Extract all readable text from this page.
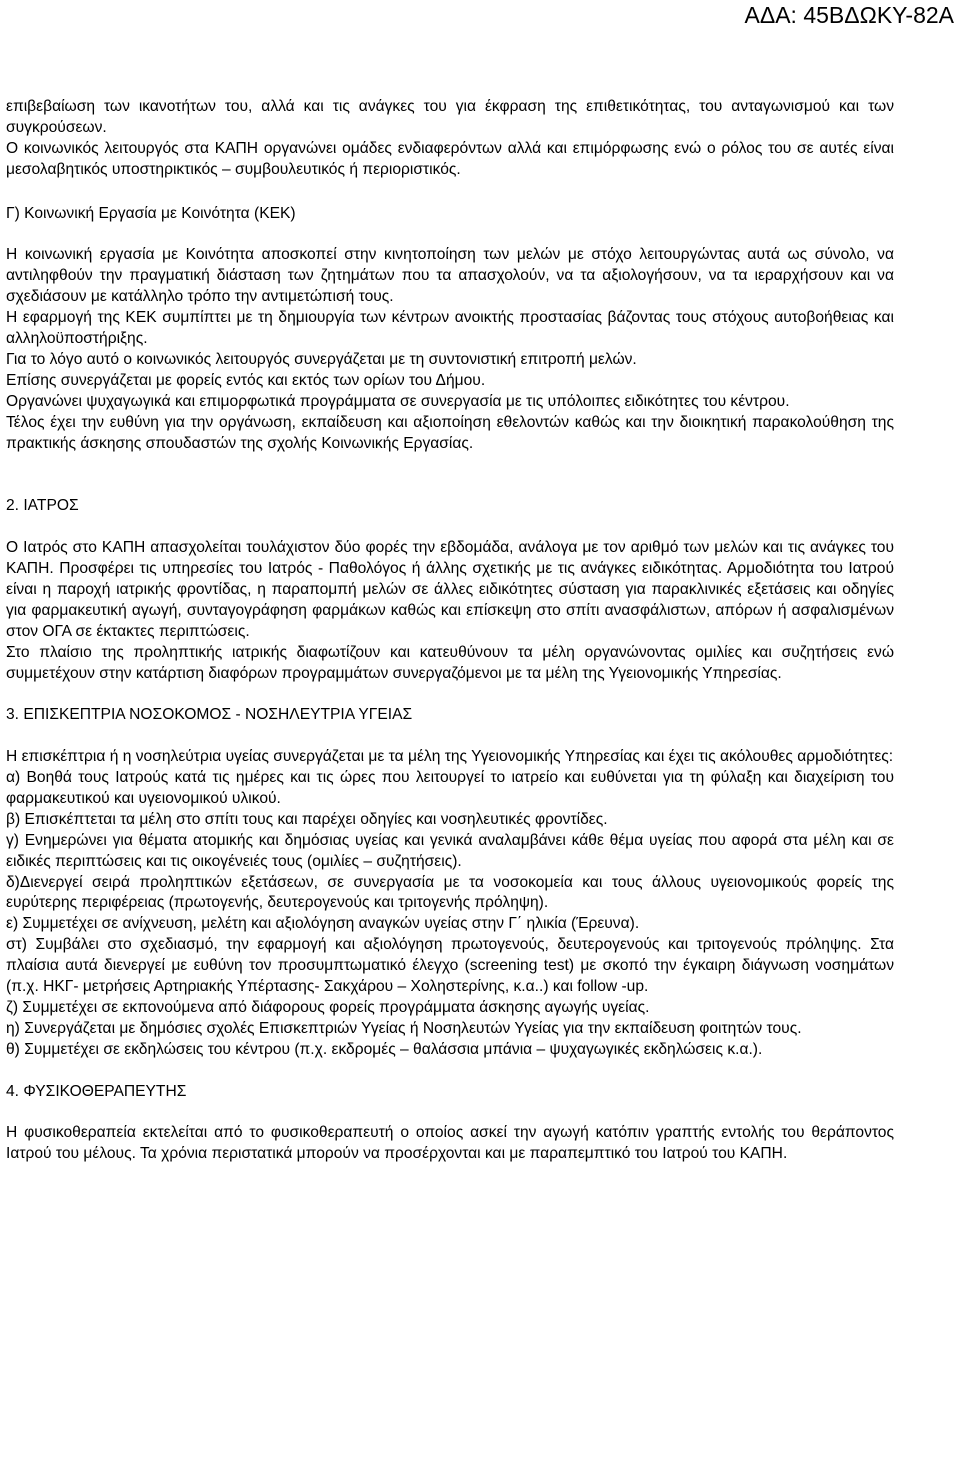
ΑΔΑ: 45ΒΔΩΚΥ-82Α

επιβεβαίωση των ικανοτήτων του, αλλά και τις ανάγκες του για έκφραση της επιθετικότητας, του ανταγωνισμού και των συγκρούσεων.

Ο κοινωνικός λειτουργός στα ΚΑΠΗ οργανώνει ομάδες ενδιαφερόντων αλλά και επιμόρφωσης ενώ ο ρόλος του σε αυτές είναι μεσολαβητικός υποστηρικτικός – συμβουλευτικός ή περιοριστικός.

Γ) Κοινωνική Εργασία με Κοινότητα (ΚΕΚ)

Η κοινωνική εργασία με Κοινότητα αποσκοπεί στην κινητοποίηση των μελών με στόχο λειτουργώντας αυτά ως σύνολο, να αντιληφθούν την πραγματική διάσταση των ζητημάτων που τα απασχολούν, να τα αξιολογήσουν, να τα ιεραρχήσουν και να σχεδιάσουν με κατάλληλο τρόπο την αντιμετώπισή τους.

Η εφαρμογή της ΚΕΚ συμπίπτει με τη δημιουργία των κέντρων ανοικτής προστασίας βάζοντας τους στόχους αυτοβοήθειας και αλληλοϋποστήριξης.

Για το λόγο αυτό ο κοινωνικός λειτουργός συνεργάζεται με τη συντονιστική επιτροπή μελών.

Επίσης συνεργάζεται με φορείς εντός και εκτός των ορίων του Δήμου.

Οργανώνει ψυχαγωγικά και επιμορφωτικά προγράμματα σε συνεργασία με τις υπόλοιπες ειδικότητες του κέντρου.

Τέλος έχει την ευθύνη για την οργάνωση, εκπαίδευση και αξιοποίηση εθελοντών καθώς και την διοικητική παρακολούθηση της πρακτικής άσκησης σπουδαστών της σχολής Κοινωνικής Εργασίας.

2. ΙΑΤΡΟΣ

Ο Ιατρός στο ΚΑΠΗ απασχολείται τουλάχιστον δύο φορές την εβδομάδα, ανάλογα με τον αριθμό των μελών και τις ανάγκες του ΚΑΠΗ. Προσφέρει τις υπηρεσίες του Ιατρός - Παθολόγος ή άλλης σχετικής με τις ανάγκες ειδικότητας. Αρμοδιότητα του Ιατρού είναι η παροχή ιατρικής φροντίδας, η παραπομπή μελών σε άλλες ειδικότητες σύσταση για παρακλινικές εξετάσεις και οδηγίες για φαρμακευτική αγωγή, συνταγογράφηση φαρμάκων καθώς και επίσκεψη στο σπίτι ανασφάλιστων, απόρων ή ασφαλισμένων στον ΟΓΑ σε έκτακτες περιπτώσεις.

Στο πλαίσιο της προληπτικής ιατρικής διαφωτίζουν και κατευθύνουν τα μέλη οργανώνοντας ομιλίες και συζητήσεις ενώ συμμετέχουν στην κατάρτιση διαφόρων προγραμμάτων συνεργαζόμενοι με τα μέλη της Υγειονομικής Υπηρεσίας.

3. ΕΠΙΣΚΕΠΤΡΙΑ ΝΟΣΟΚΟΜΟΣ - ΝΟΣΗΛΕΥΤΡΙΑ ΥΓΕΙΑΣ

Η επισκέπτρια ή η νοσηλεύτρια υγείας συνεργάζεται με τα μέλη της Υγειονομικής Υπηρεσίας και έχει τις ακόλουθες αρμοδιότητες:

α) Βοηθά τους Ιατρούς κατά τις ημέρες και τις ώρες που λειτουργεί το ιατρείο και ευθύνεται για τη φύλαξη και διαχείριση του φαρμακευτικού και υγειονομικού υλικού.

β) Επισκέπτεται τα μέλη στο σπίτι τους και παρέχει οδηγίες και νοσηλευτικές φροντίδες.

γ) Ενημερώνει για θέματα ατομικής και δημόσιας υγείας και γενικά αναλαμβάνει κάθε θέμα υγείας που αφορά στα μέλη και σε ειδικές περιπτώσεις και τις οικογένειές τους (ομιλίες – συζητήσεις).

δ)Διενεργεί σειρά προληπτικών εξετάσεων, σε συνεργασία με τα νοσοκομεία και τους άλλους υγειονομικούς φορείς της ευρύτερης περιφέρειας (πρωτογενής, δευτερογενούς και τριτογενής πρόληψη).

ε) Συμμετέχει σε ανίχνευση, μελέτη και αξιολόγηση αναγκών υγείας στην Γ΄ ηλικία (Έρευνα).

στ) Συμβάλει στο σχεδιασμό, την εφαρμογή και αξιολόγηση πρωτογενούς, δευτερογενούς και τριτογενούς πρόληψης. Στα πλαίσια αυτά διενεργεί με ευθύνη τον προσυμπτωματικό έλεγχο (screening test) με σκοπό την έγκαιρη διάγνωση νοσημάτων (π.χ. ΗΚΓ- μετρήσεις Αρτηριακής Υπέρτασης- Σακχάρου – Χοληστερίνης, κ.α..) και follow -up.

ζ) Συμμετέχει σε εκπονούμενα από διάφορους φορείς προγράμματα άσκησης αγωγής υγείας.

η) Συνεργάζεται με δημόσιες σχολές Επισκεπτριών Υγείας ή Νοσηλευτών Υγείας για την εκπαίδευση φοιτητών τους.

θ) Συμμετέχει σε εκδηλώσεις του κέντρου (π.χ. εκδρομές – θαλάσσια μπάνια – ψυχαγωγικές εκδηλώσεις κ.α.).

4. ΦΥΣΙΚΟΘΕΡΑΠΕΥΤΗΣ

Η φυσικοθεραπεία εκτελείται από το φυσικοθεραπευτή ο οποίος ασκεί την αγωγή κατόπιν γραπτής εντολής του θεράποντος Ιατρού του μέλους. Τα χρόνια περιστατικά μπορούν να προσέρχονται και με παραπεμπτικό του Ιατρού του ΚΑΠΗ.
